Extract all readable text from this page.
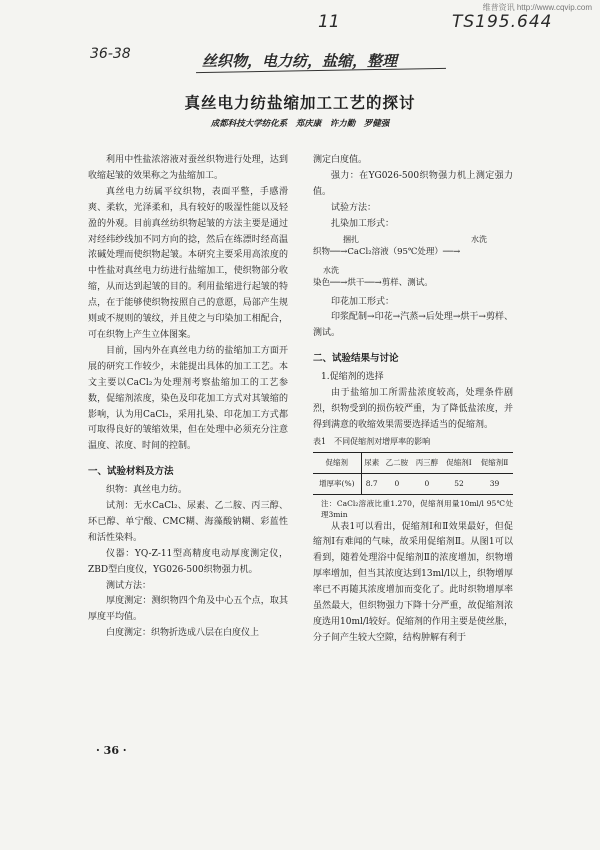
维普资讯 http://www.cqvip.com
36-38
11	TS195.644
丝织物，电力纺，盐缩，整理
真丝电力纺盐缩加工工艺的探讨
成都科技大学纺化系　郑庆康　许力勤　罗健强

利用中性盐浓溶液对蚕丝织物进行处理，达到收缩起皱的效果称之为盐缩加工。

真丝电力纺属平纹织物，表面平整，手感滑爽、柔软，光泽柔和，具有较好的吸湿性能以及轻盈的外观。目前真丝纺织物起皱的方法主要是通过对经纬纱线加不同方向的捻，然后在练漂时经高温浓碱处理而使织物起皱。本研究主要采用高浓度的中性盐对真丝电力纺进行盐缩加工，使织物部分收缩，从而达到起皱的目的。利用盐缩进行起皱的特点，在于能够使织物按照自己的意愿，局部产生规则或不规则的皱纹，并且使之与印染加工相配合，可在织物上产生立体图案。

目前，国内外在真丝电力纺的盐缩加工方面开展的研究工作较少，未能提出具体的加工工艺。本文主要以CaCl₂为处理剂考察盐缩加工的工艺参数，促缩剂浓度，染色及印花加工方式对其皱缩的影响，认为用CaCl₂，采用扎染、印花加工方式都可取得良好的皱缩效果，但在处理中必须充分注意温度、浓度、时间的控制。

一、试验材料及方法

织物：真丝电力纺。

试剂：无水CaCl₂、尿素、乙二胺、丙三醇、环已醇、单宁酸、CMC糊、海藻酸钠糊、彩蓝性和活性染料。

仪器：YQ-Z-11型高精度电动厚度测定仪，ZBD型白度仪，YG026-500织物强力机。

测试方法：

厚度测定：测织物四个角及中心五个点，取其厚度平均值。

白度测定：织物折选成八层在白度仪上

测定白度值。

强力：在YG026-500织物强力机上测定强力值。

试验方法：

扎染加工形式：

捆扎	水洗
织物──→CaCl₂溶液（95℃处理）──→
水洗
染色──→烘干──→剪样、测试。

印花加工形式：

印浆配制→印花→汽蒸→后处理→烘干→剪样、测试。

二、试验结果与讨论

1.促缩剂的选择

由于盐缩加工所需盐浓度较高，处理条件剧烈，织物受到的损伤较严重，为了降低盐浓度，并得到满意的收缩效果需要选择适当的促缩剂。

表1　不同促缩剂对增厚率的影响

促缩剂	尿素	乙二胺	丙三醇	促缩剂Ⅰ	促缩剂Ⅱ
增厚率(%)	8.7	0	0	52	39

注：CaCl₂溶液比重1.270，促缩剂用量10ml/l 95℃处理3min

从表1可以看出，促缩剂Ⅰ和Ⅱ效果最好，但促缩剂Ⅰ有难闻的气味，故采用促缩剂Ⅱ。从图1可以看到，随着处理浴中促缩剂Ⅱ的浓度增加，织物增厚率增加，但当其浓度达到13ml/l以上，织物增厚率已不再随其浓度增加而变化了。此时织物增厚率虽然最大，但织物强力下降十分严重，故促缩剂浓度选用10ml/l较好。促缩剂的作用主要是使丝胀，分子间产生较大空隙，结构肿解有利于

· 36 ·
